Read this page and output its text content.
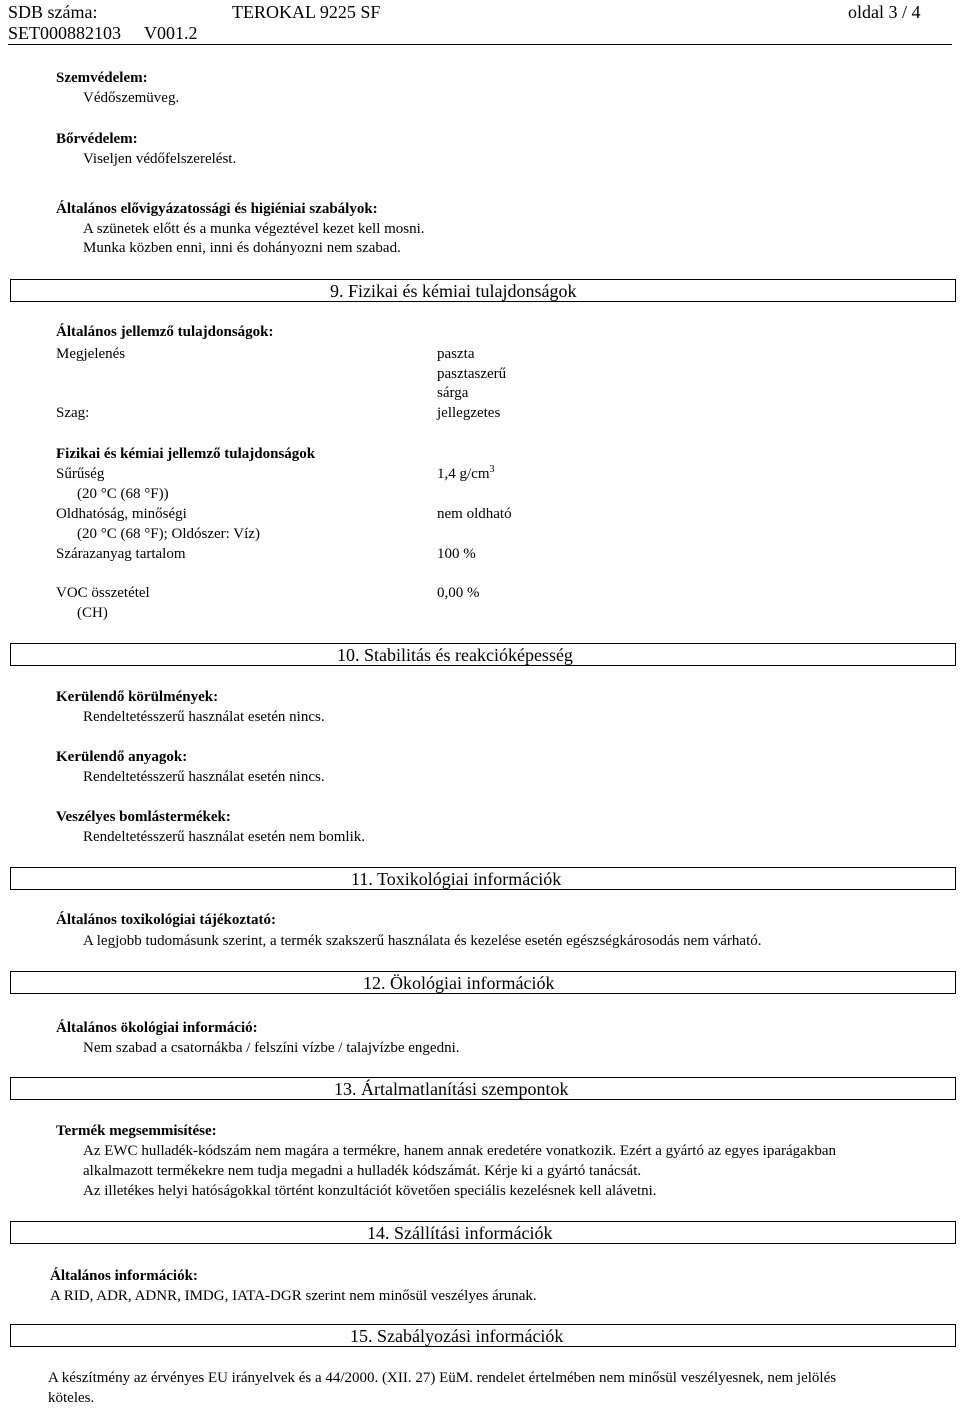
SDB száma:	TEROKAL 9225 SF	oldal 3 / 4
SET000882103 V001.2
Szemvédelem:
Védőszemüveg.
Bőrvédelem:
Viseljen védőfelszerelést.
Általános elővigyázatossági és higiéniai szabályok:
A szünetek előtt és a munka végeztével kezet kell mosni.
Munka közben enni, inni és dohányozni nem szabad.
9. Fizikai és kémiai tulajdonságok
Általános jellemző tulajdonságok:
Megjelenés	paszta
pasztaszerű
sárga
Szag:	jellegzetes
Fizikai és kémiai jellemző tulajdonságok
Sűrűség	1,4 $g/cm^3$
(20 °C (68 °F))
Oldhatóság, minőségi	nem oldható
(20 °C (68 °F); Oldószer: Víz)
Szárazanyag tartalom	100 %
VOC összetétel	0,00 %
(CH)
10. Stabilitás és reakcióképesség
Kerülendő körülmények:
Rendeltetésszerű használat esetén nincs.
Kerülendő anyagok:
Rendeltetésszerű használat esetén nincs.
Veszélyes bomlástermékek:
Rendeltetésszerű használat esetén nem bomlik.
11. Toxikológiai információk
Általános toxikológiai tájékoztató:
A legjobb tudomásunk szerint, a termék szakszerű használata és kezelése esetén egészségkárosodás nem várható.
12. Ökológiai információk
Általános ökológiai információ:
Nem szabad a csatornákba / felszíni vízbe / talajvízbe engedni.
13. Ártalmatlanítási szempontok
Termék megsemmisítése:
Az EWC hulladék-kódszám nem magára a termékre, hanem annak eredetére vonatkozik. Ezért a gyártó az egyes iparágakban
alkalmazott termékekre nem tudja megadni a hulladék kódszámát. Kérje ki a gyártó tanácsát.
Az illetékes helyi hatóságokkal történt konzultációt követően speciális kezelésnek kell alávetni.
14. Szállítási információk
Általános információk:
A RID, ADR, ADNR, IMDG, IATA-DGR szerint nem minősül veszélyes árunak.
15. Szabályozási információk
A készítmény az érvényes EU irányelvek és a 44/2000. (XII. 27) EüM. rendelet értelmében nem minősül veszélyesnek, nem jelölés
köteles.
